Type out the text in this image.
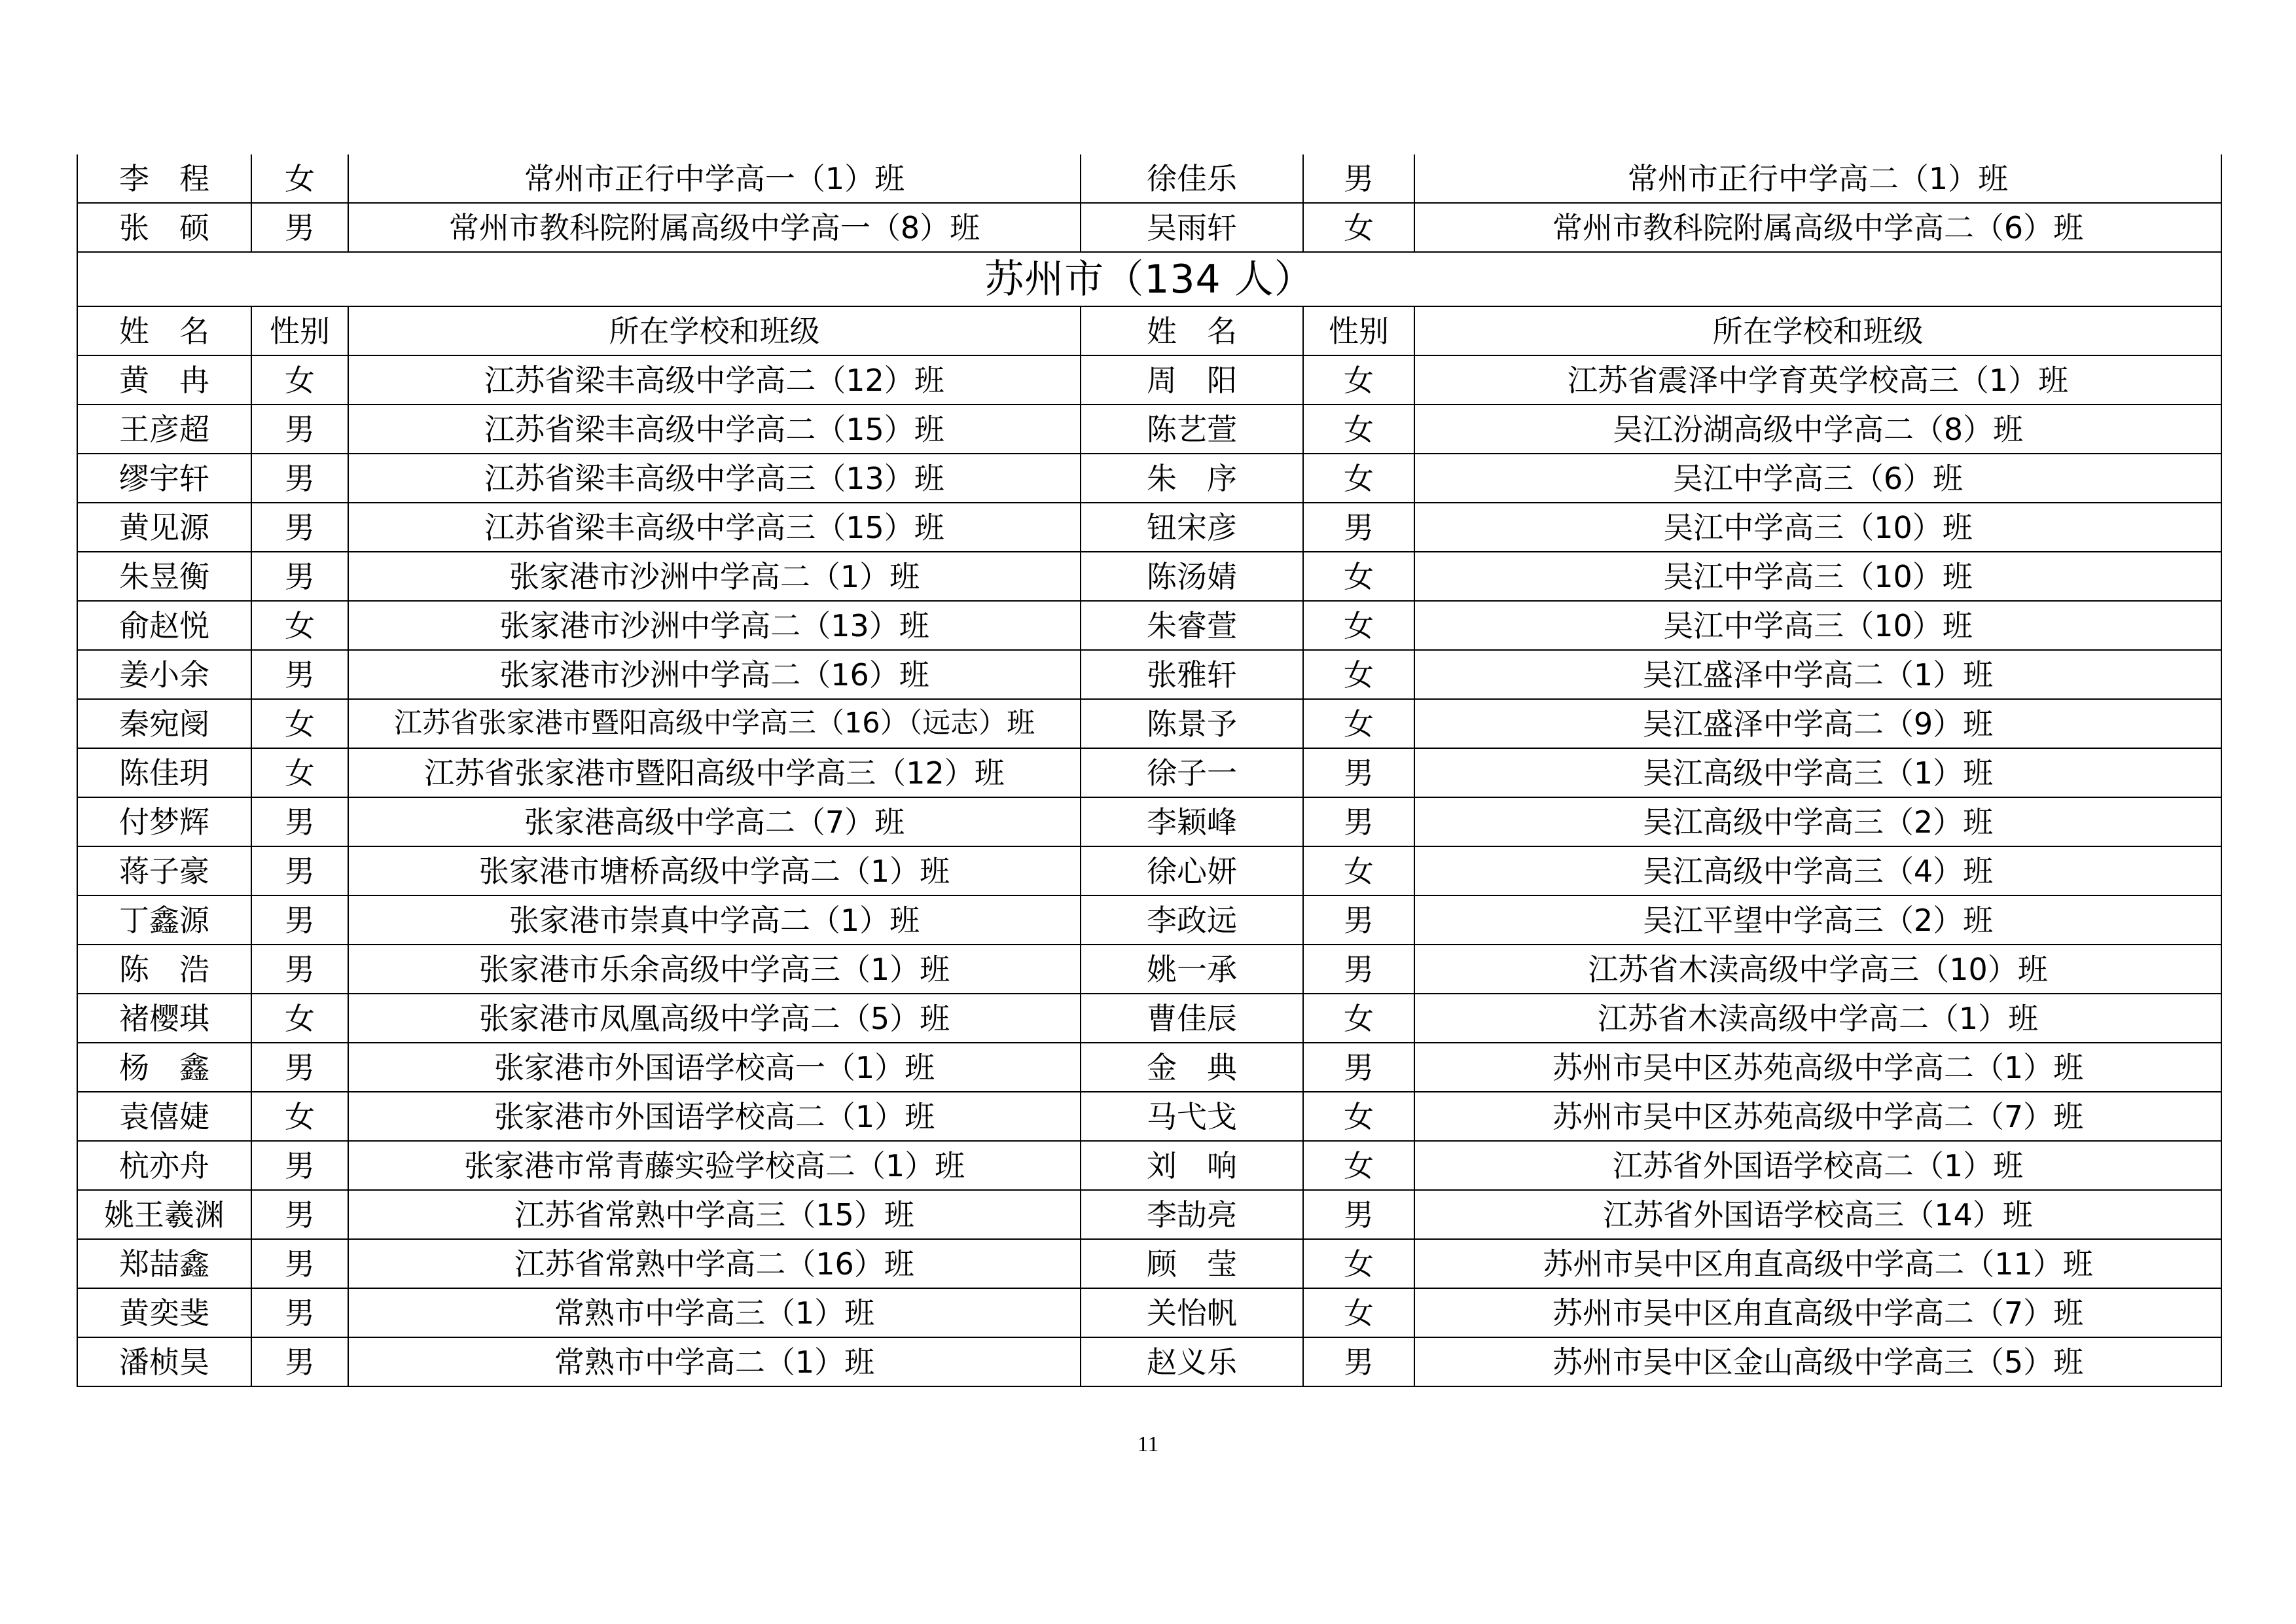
李　程	女	常州市正行中学高一（1）班	徐佳乐	男	常州市正行中学高二（1）班
张　硕	男	常州市教科院附属高级中学高一（8）班	吴雨轩	女	常州市教科院附属高级中学高二（6）班
苏州市（134 人）					
姓　名	性别	所在学校和班级	姓　名	性别	所在学校和班级
黄　冉	女	江苏省梁丰高级中学高二（12）班	周　阳	女	江苏省震泽中学育英学校高三（1）班
王彦超	男	江苏省梁丰高级中学高二（15）班	陈艺萱	女	吴江汾湖高级中学高二（8）班
缪宇轩	男	江苏省梁丰高级中学高三（13）班	朱　序	女	吴江中学高三（6）班
黄见源	男	江苏省梁丰高级中学高三（15）班	钮宋彦	男	吴江中学高三（10）班
朱昱衡	男	张家港市沙洲中学高二（1）班	陈汤婧	女	吴江中学高三（10）班
俞赵悦	女	张家港市沙洲中学高二（13）班	朱睿萱	女	吴江中学高三（10）班
姜小余	男	张家港市沙洲中学高二（16）班	张雅轩	女	吴江盛泽中学高二（1）班
秦宛阌	女	江苏省张家港市暨阳高级中学高三（16）（远志）班	陈景予	女	吴江盛泽中学高二（9）班
陈佳玥	女	江苏省张家港市暨阳高级中学高三（12）班	徐子一	男	吴江高级中学高三（1）班
付梦辉	男	张家港高级中学高二（7）班	李颖峰	男	吴江高级中学高三（2）班
蒋子豪	男	张家港市塘桥高级中学高二（1）班	徐心妍	女	吴江高级中学高三（4）班
丁鑫源	男	张家港市崇真中学高二（1）班	李政远	男	吴江平望中学高三（2）班
陈　浩	男	张家港市乐余高级中学高三（1）班	姚一承	男	江苏省木渎高级中学高三（10）班
褚樱琪	女	张家港市凤凰高级中学高二（5）班	曹佳辰	女	江苏省木渎高级中学高二（1）班
杨　鑫	男	张家港市外国语学校高一（1）班	金　典	男	苏州市吴中区苏苑高级中学高二（1）班
袁僖婕	女	张家港市外国语学校高二（1）班	马弋戈	女	苏州市吴中区苏苑高级中学高二（7）班
杭亦舟	男	张家港市常青藤实验学校高二（1）班	刘　响	女	江苏省外国语学校高二（1）班
姚王羲渊	男	江苏省常熟中学高三（15）班	李劼亮	男	江苏省外国语学校高三（14）班
郑喆鑫	男	江苏省常熟中学高二（16）班	顾　莹	女	苏州市吴中区甪直高级中学高二（11）班
黄奕斐	男	常熟市中学高三（1）班	关怡帆	女	苏州市吴中区甪直高级中学高二（7）班
潘桢昊	男	常熟市中学高二（1）班	赵义乐	男	苏州市吴中区金山高级中学高三（5）班
11
